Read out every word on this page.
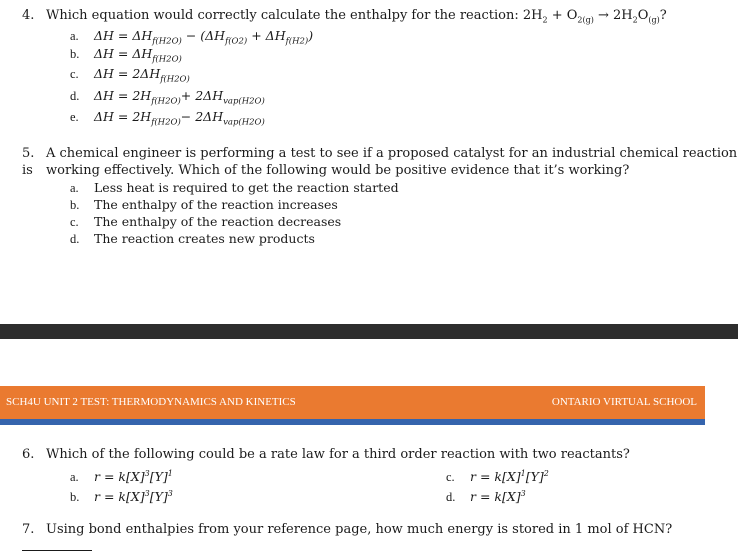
4. Which equation would correctly calculate the enthalpy for the reaction: $2H_2 + O_{2(g)} \to 2H_2O_{(g)}$?
a. $\Delta H = \Delta H_{f(H2O)} - (\Delta H_{f(O2)} + \Delta H_{f(H2)})$
b. $\Delta H = \Delta H_{f(H2O)}$
c. $\Delta H = 2\Delta H_{f(H2O)}$
d. $\Delta H = 2H_{f(H2O)}+ 2\Delta H_{vap(H2O)}$
e. $\Delta H = 2H_{f(H2O)}- 2\Delta H_{vap(H2O)}$
5. A chemical engineer is performing a test to see if a proposed catalyst for an industrial chemical reaction is	working effectively. Which of the following would be positive evidence that it’s working?
a. Less heat is required to get the reaction started
b. The enthalpy of the reaction increases
c. The enthalpy of the reaction decreases
d. The reaction creates new products
SCH4U UNIT 2 TEST: THERMODYNAMICS AND KINETICS	ONTARIO VIRTUAL SCHOOL
6. Which of the following could be a rate law for a third order reaction with two reactants?
a. $r = k[X]^3[Y]^1$
b. $r = k[X]^3[Y]^3$
c. $r = k[X]^1[Y]^2$
d. $r = k[X]^3$
7. Using bond enthalpies from your reference page, how much energy is stored in 1 mol of HCN?
